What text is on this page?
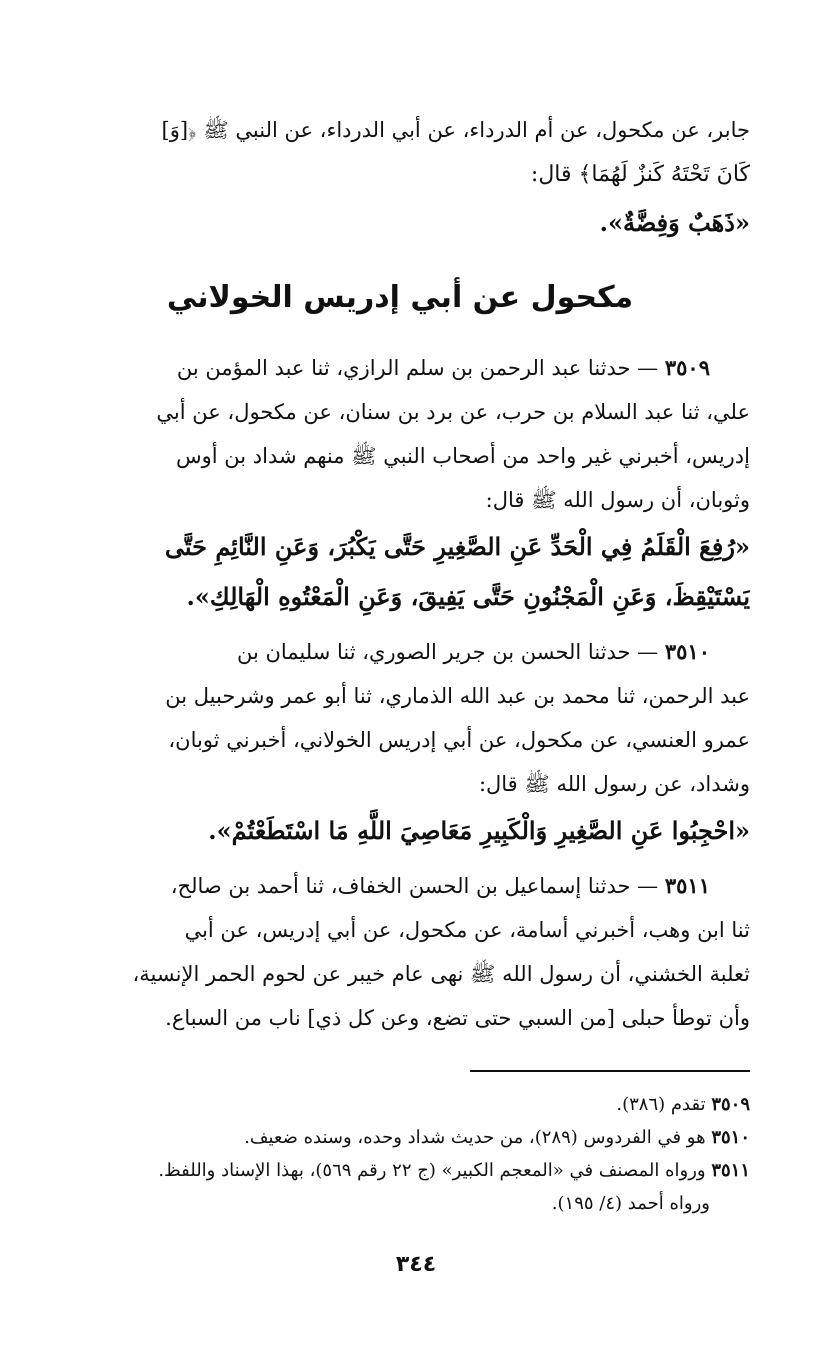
جابر، عن مكحول، عن أم الدرداء، عن أبي الدرداء، عن النبي ﷺ ﴿[وَ]
كَانَ تَحْتَهُ كَنزٌ لَهُمَا﴾ قال:
«ذَهَبٌ وَفِضَّةٌ».
مكحول عن أبي إدريس الخولاني
٣٥٠٩ — حدثنا عبد الرحمن بن سلم الرازي، ثنا عبد المؤمن بن
علي، ثنا عبد السلام بن حرب، عن برد بن سنان، عن مكحول، عن أبي
إدريس، أخبرني غير واحد من أصحاب النبي ﷺ منهم شداد بن أوس
وثوبان، أن رسول الله ﷺ قال:
«رُفِعَ الْقَلَمُ فِي الْحَدِّ عَنِ الصَّغِيرِ حَتَّى يَكْبُرَ، وَعَنِ النَّائِمِ حَتَّى
يَسْتَيْقِظَ، وَعَنِ الْمَجْنُونِ حَتَّى يَفِيقَ، وَعَنِ الْمَعْتُوهِ الْهَالِكِ».
٣٥١٠ — حدثنا الحسن بن جرير الصوري، ثنا سليمان بن
عبد الرحمن، ثنا محمد بن عبد الله الذماري، ثنا أبو عمر وشرحبيل بن
عمرو العنسي، عن مكحول، عن أبي إدريس الخولاني، أخبرني ثوبان،
وشداد، عن رسول الله ﷺ قال:
«احْجِبُوا عَنِ الصَّغِيرِ وَالْكَبِيرِ مَعَاصِيَ اللَّهِ مَا اسْتَطَعْتُمْ».
٣٥١١ — حدثنا إسماعيل بن الحسن الخفاف، ثنا أحمد بن صالح،
ثنا ابن وهب، أخبرني أسامة، عن مكحول، عن أبي إدريس، عن أبي
ثعلبة الخشني، أن رسول الله ﷺ نهى عام خيبر عن لحوم الحمر الإنسية،
وأن توطأ حبلى [من السبي حتى تضع، وعن كل ذي] ناب من السباع.
٣٥٠٩ تقدم (٣٨٦).
٣٥١٠ هو في الفردوس (٢٨٩)، من حديث شداد وحده، وسنده ضعيف.
٣٥١١ ورواه المصنف في «المعجم الكبير» (ج ٢٢ رقم ٥٦٩)، بهذا الإسناد واللفظ.
ورواه أحمد (٤/ ١٩٥).
٣٤٤
